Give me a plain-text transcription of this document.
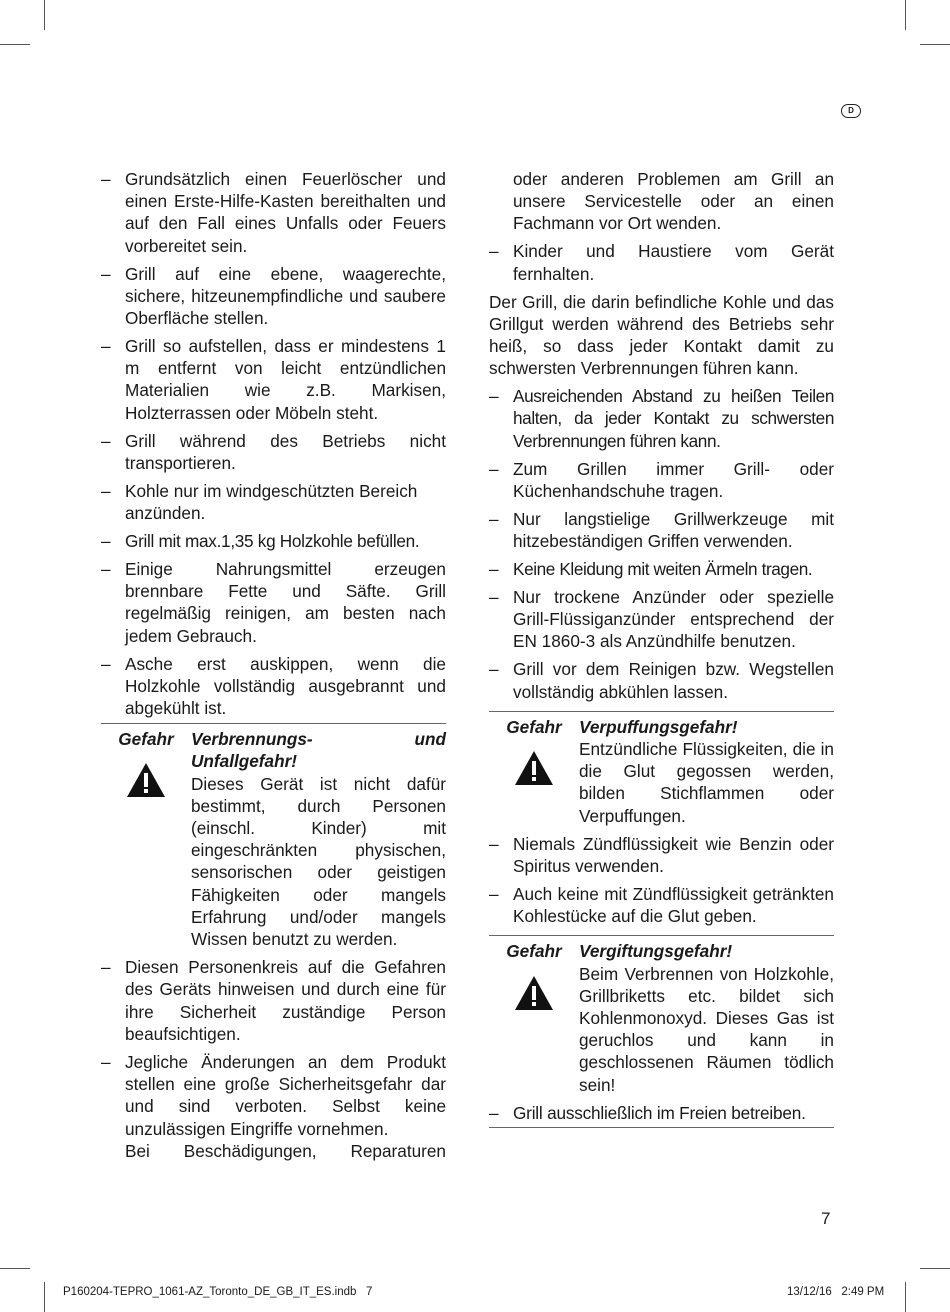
D
– Grundsätzlich einen Feuerlöscher und einen Erste-Hilfe-Kasten bereithalten und auf den Fall eines Unfalls oder Feuers vorbereitet sein.
– Grill auf eine ebene, waagerechte, sichere, hitzeunempfindliche und saubere Oberfläche stellen.
– Grill so aufstellen, dass er mindestens 1 m entfernt von leicht entzündlichen Materialien wie z.B. Markisen, Holzterrassen oder Möbeln steht.
– Grill während des Betriebs nicht transportieren.
– Kohle nur im windgeschützten Bereich anzünden.
– Grill mit max.1,35 kg Holzkohle befüllen.
– Einige Nahrungsmittel erzeugen brennbare Fette und Säfte. Grill regelmäßig reinigen, am besten nach jedem Gebrauch.
– Asche erst auskippen, wenn die Holzkohle vollständig ausgebrannt und abgekühlt ist.
Gefahr	Verbrennungs- und Unfallgefahr!
Dieses Gerät ist nicht dafür bestimmt, durch Personen (einschl. Kinder) mit eingeschränkten physischen, sensorischen oder geistigen Fähigkeiten oder mangels Erfahrung und/oder mangels Wissen benutzt zu werden.
– Diesen Personenkreis auf die Gefahren des Geräts hinweisen und durch eine für ihre Sicherheit zuständige Person beaufsichtigen.
– Jegliche Änderungen an dem Produkt stellen eine große Sicherheitsgefahr dar und sind verboten. Selbst keine unzulässigen Eingriffe vornehmen.
Bei Beschädigungen, Reparaturen
oder anderen Problemen am Grill an unsere Servicestelle oder an einen Fachmann vor Ort wenden.
– Kinder und Haustiere vom Gerät fernhalten.
Der Grill, die darin befindliche Kohle und das Grillgut werden während des Betriebs sehr heiß, so dass jeder Kontakt damit zu schwersten Verbrennungen führen kann.
– Ausreichenden Abstand zu heißen Teilen halten, da jeder Kontakt zu schwersten Verbrennungen führen kann.
– Zum Grillen immer Grill- oder Küchenhandschuhe tragen.
– Nur langstielige Grillwerkzeuge mit hitzebeständigen Griffen verwenden.
– Keine Kleidung mit weiten Ärmeln tragen.
– Nur trockene Anzünder oder spezielle Grill-Flüssiganzünder entsprechend der EN 1860-3 als Anzündhilfe benutzen.
– Grill vor dem Reinigen bzw. Wegstellen vollständig abkühlen lassen.
Gefahr	Verpuffungsgefahr!
Entzündliche Flüssigkeiten, die in die Glut gegossen werden, bilden Stichflammen oder Verpuffungen.
– Niemals Zündflüssigkeit wie Benzin oder Spiritus verwenden.
– Auch keine mit Zündflüssigkeit getränkten Kohlestücke auf die Glut geben.
Gefahr	Vergiftungsgefahr!
Beim Verbrennen von Holzkohle, Grillbriketts etc. bildet sich Kohlenmonoxyd. Dieses Gas ist geruchlos und kann in geschlossenen Räumen tödlich sein!
– Grill ausschließlich im Freien betreiben.
7
P160204-TEPRO_1061-AZ_Toronto_DE_GB_IT_ES.indb   7	13/12/16   2:49 PM
